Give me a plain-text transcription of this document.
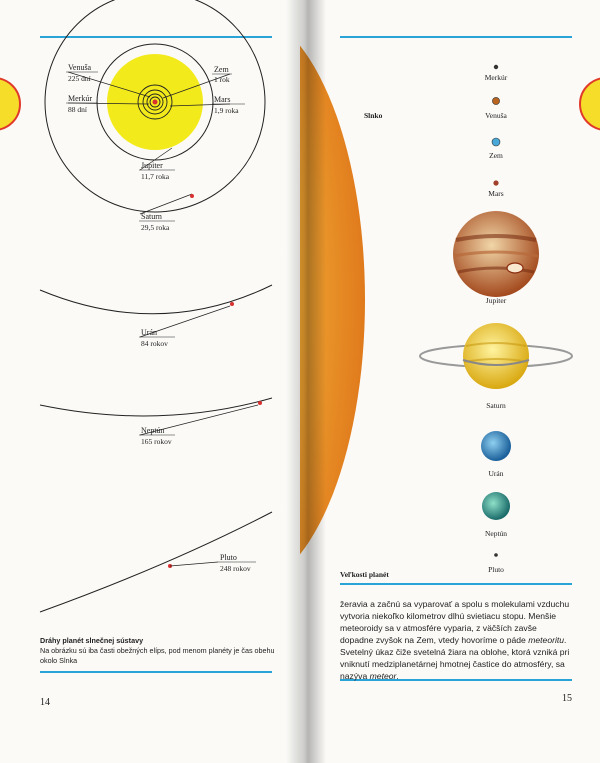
Venuša
225 dní
Merkúr
88 dní
Zem
1 rok
Mars
1,9 roka
Jupiter
11,7 roka
Saturn
29,5 roka
Urán
84 rokov
Neptún
165 rokov
Pluto
248 rokov
Dráhy planét slnečnej sústavy
Na obrázku sú iba časti obežných elíps, pod menom planéty je čas obehu okolo Slnka
14
Slnko
Merkúr
Venuša
Zem
Mars
Jupiter
Saturn
Urán
Neptún
Pluto
Veľkosti planét
žeravia a začnú sa vyparovať a spolu s molekulami vzduchu vytvoria niekoľko kilometrov dlhú svietiacu stopu. Menšie meteoroidy sa v atmosfére vyparia, z väčších zavše dopadne zvyšok na Zem, vtedy hovoríme o páde meteoritu. Svetelný úkaz čiže svetelná žiara na oblohe, ktorá vzniká pri vniknutí medziplanetárnej hmotnej častice do atmosféry, sa nazýva meteor.
15
